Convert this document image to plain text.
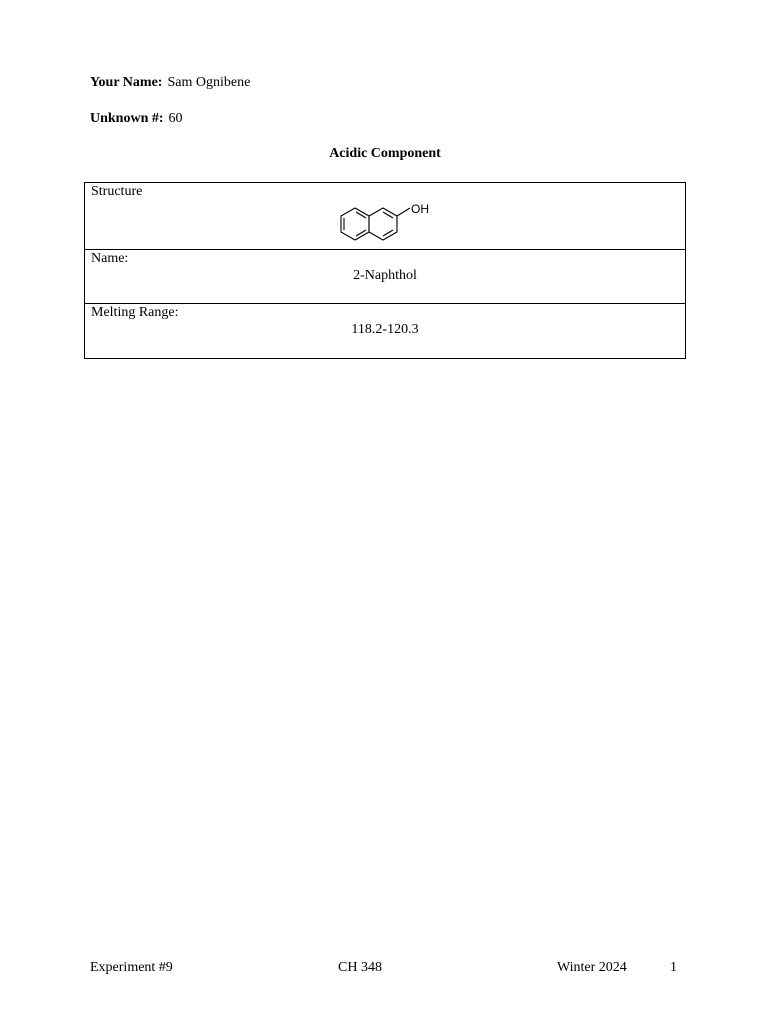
Your Name: Sam Ognibene
Unknown #: 60
Acidic Component
Structure
OH

Name:
2-Naphthol

Melting Range:
118.2-120.3
Experiment #9	CH 348	Winter 2024	1
